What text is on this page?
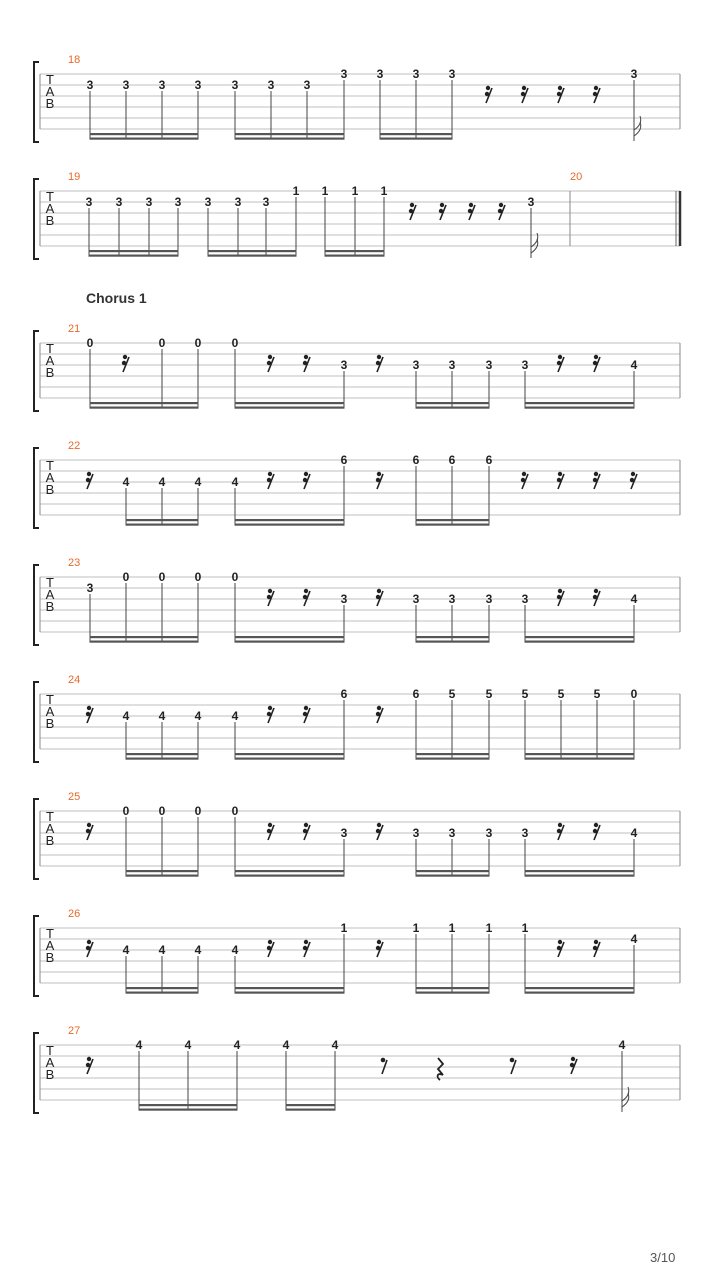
T
A
B
18
3 3 3 3	3 3 3
3 3 3 3	3
T
A
B
19	20
3 3 3 3 3 3 3
1 1 1 1
3
T
A
B
21
Chorus 1
0	0 0	0
3	3 3	3 3	4
T
A
B
22
4 4 4	4
6	6 6	6
T
A
B
23
3
0 0 0	0
3	3 3	3 3	4
T
A
B
24
4 4 4	4
6	6 5	5 5 5 5	0
T
A
B
25
0 0 0	0
3	3 3	3 3	4
T
A
B
26
4 4 4	4
1	1 1	1 1
4
T
A
B
27
4	4	4	4	4	4
3/10
